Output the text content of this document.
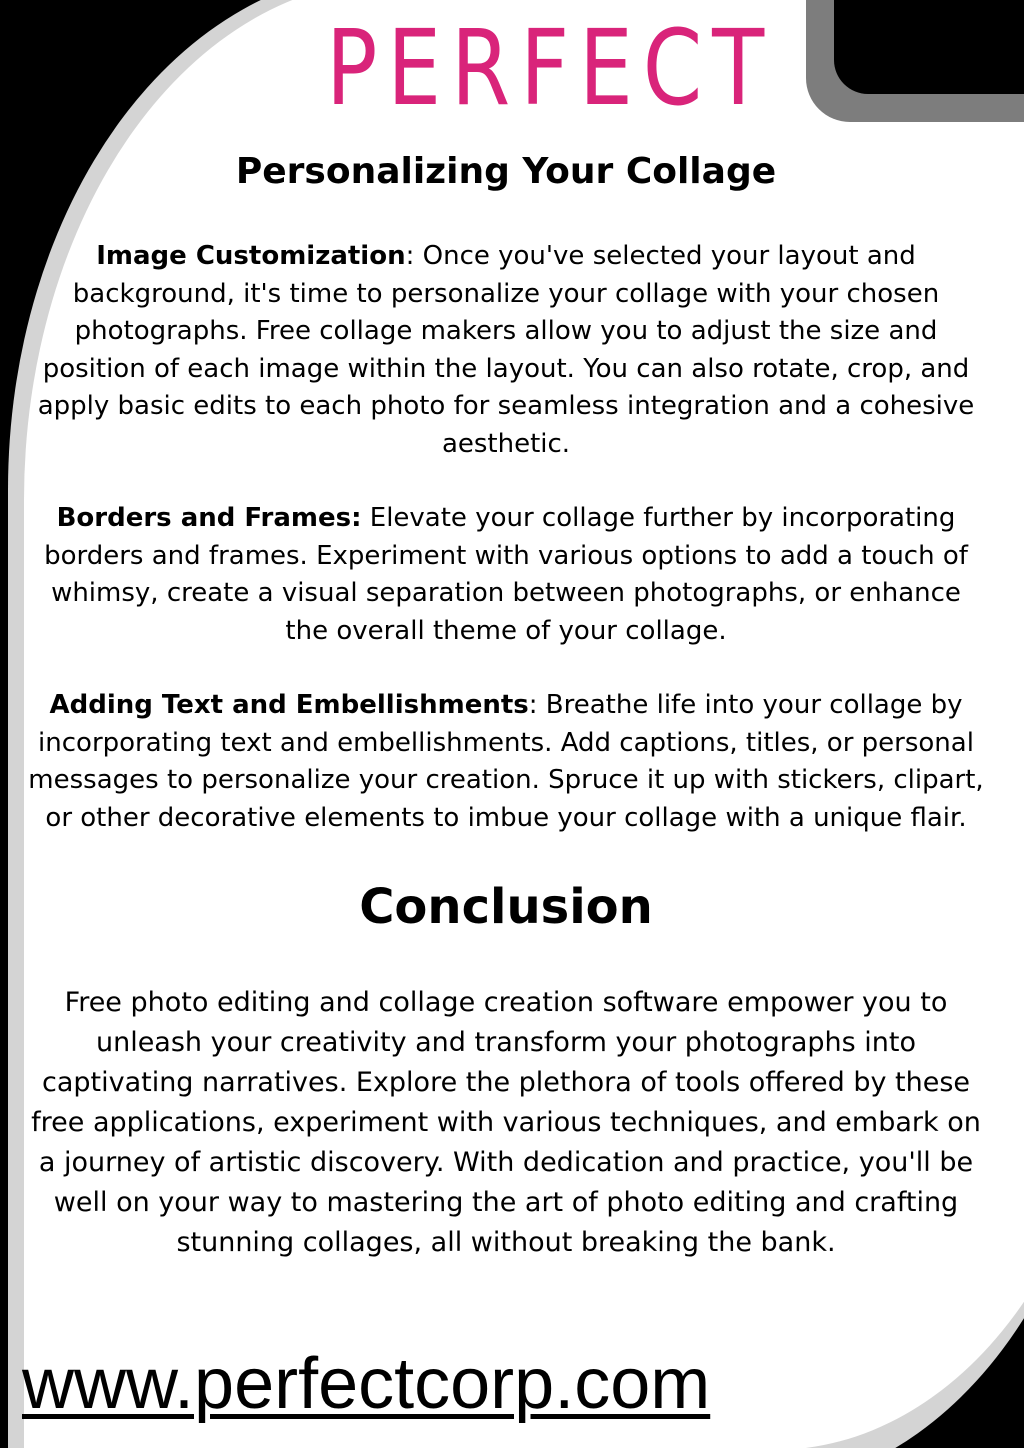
PERFECT
Personalizing Your Collage

Image Customization: Once you've selected your layout and background, it's time to personalize your collage with your chosen photographs. Free collage makers allow you to adjust the size and position of each image within the layout. You can also rotate, crop, and apply basic edits to each photo for seamless integration and a cohesive aesthetic.

Borders and Frames: Elevate your collage further by incorporating borders and frames. Experiment with various options to add a touch of whimsy, create a visual separation between photographs, or enhance the overall theme of your collage.

Adding Text and Embellishments: Breathe life into your collage by incorporating text and embellishments. Add captions, titles, or personal messages to personalize your creation. Spruce it up with stickers, clipart, or other decorative elements to imbue your collage with a unique flair.

Conclusion

Free photo editing and collage creation software empower you to unleash your creativity and transform your photographs into captivating narratives. Explore the plethora of tools offered by these free applications, experiment with various techniques, and embark on a journey of artistic discovery. With dedication and practice, you'll be well on your way to mastering the art of photo editing and crafting stunning collages, all without breaking the bank.

www.perfectcorp.com
